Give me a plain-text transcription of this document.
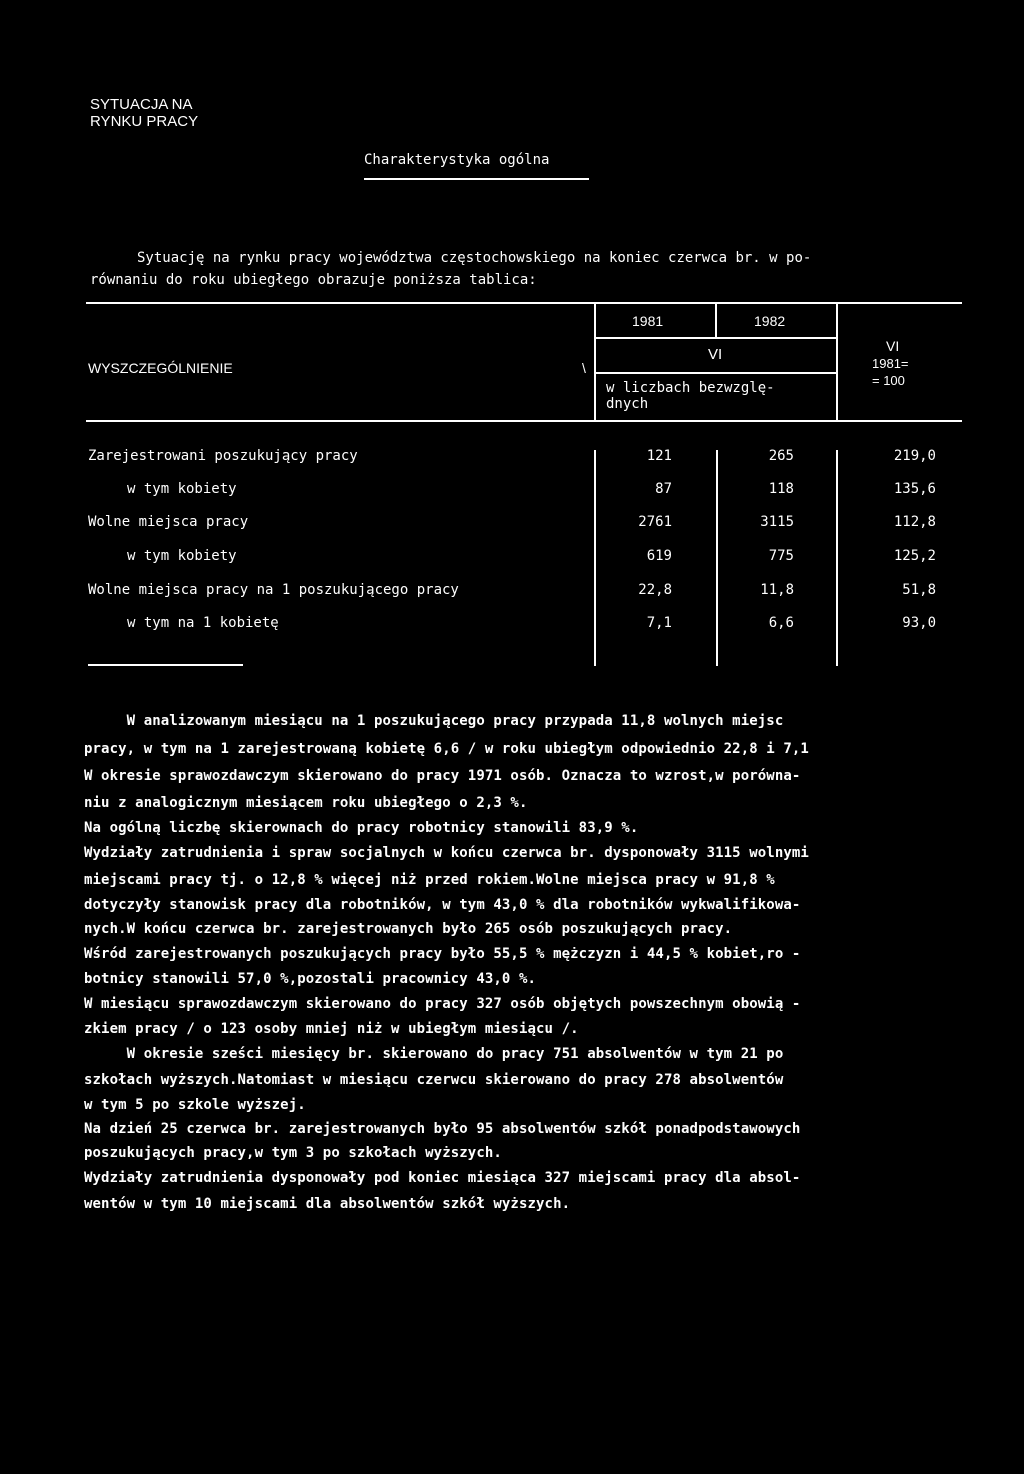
SYTUACJA NA
RYNKU PRACY
Charakterystyka ogólna
Sytuację na rynku pracy województwa częstochowskiego na koniec czerwca br. w po-
równaniu do roku ubiegłego obrazuje poniższa tablica:
WYSZCZEGÓLNIENIE	\
1981	1982
VI
w liczbach bezwzglę-
dnych
VI
1981=
= 100
Zarejestrowani poszukujący pracy	121	265	219,0
w tym kobiety	87	118	135,6
Wolne miejsca pracy	2761	3115	112,8
w tym kobiety	619	775	125,2
Wolne miejsca pracy na 1 poszukującego pracy	22,8	11,8	51,8
w tym na 1 kobietę	7,1	6,6	93,0
W analizowanym miesiącu na 1 poszukującego pracy przypada 11,8 wolnych miejsc
pracy, w tym na 1 zarejestrowaną kobietę 6,6 / w roku ubiegłym odpowiednio 22,8 i 7,1
W okresie sprawozdawczym skierowano do pracy 1971 osób. Oznacza to wzrost,w porówna-
niu z analogicznym miesiącem roku ubiegłego o 2,3 %.
Na ogólną liczbę skierownach do pracy robotnicy stanowili 83,9 %.
Wydziały zatrudnienia i spraw socjalnych w końcu czerwca br. dysponowały 3115 wolnymi
miejscami pracy tj. o 12,8 % więcej niż przed rokiem.Wolne miejsca pracy w 91,8 %
dotyczyły stanowisk pracy dla robotników, w tym 43,0 % dla robotników wykwalifikowa-
nych.W końcu czerwca br. zarejestrowanych było 265 osób poszukujących pracy.
Wśród zarejestrowanych poszukujących pracy było 55,5 % mężczyzn i 44,5 % kobiet,ro -
botnicy stanowili 57,0 %,pozostali pracownicy 43,0 %.
W miesiącu sprawozdawczym skierowano do pracy 327 osób objętych powszechnym obowią -
zkiem pracy / o 123 osoby mniej niż w ubiegłym miesiącu /.
W okresie sześci miesięcy br. skierowano do pracy 751 absolwentów w tym 21 po
szkołach wyższych.Natomiast w miesiącu czerwcu skierowano do pracy 278 absolwentów
w tym 5 po szkole wyższej.
Na dzień 25 czerwca br. zarejestrowanych było 95 absolwentów szkół ponadpodstawowych
poszukujących pracy,w tym 3 po szkołach wyższych.
Wydziały zatrudnienia dysponowały pod koniec miesiąca 327 miejscami pracy dla absol-
wentów w tym 10 miejscami dla absolwentów szkół wyższych.
